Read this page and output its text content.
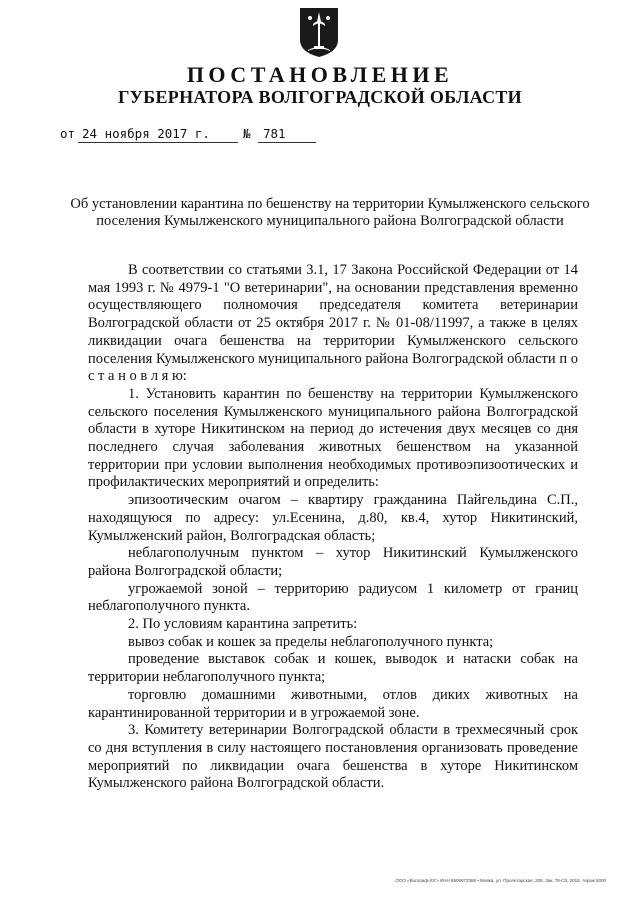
ПОСТАНОВЛЕНИЕ
ГУБЕРНАТОРА ВОЛГОГРАДСКОЙ ОБЛАСТИ
от 24 ноября 2017 г.	№ 781
Об установлении карантина по бешенству на территории Кумылженского сельского поселения Кумылженского муниципального района Волгоградской области

В соответствии со статьями 3.1, 17 Закона Российской Федерации от 14 мая 1993 г. № 4979-1 "О ветеринарии", на основании представления временно осуществляющего полномочия председателя комитета ветеринарии Волгоградской области от 25 октября 2017 г. № 01-08/11997, а также в целях ликвидации очага бешенства на территории Кумылженского сельского поселения Кумылженского муниципального района Волгоградской области п о с т а н о в л я ю:

1. Установить карантин по бешенству на территории Кумылженского сельского поселения Кумылженского муниципального района Волгоградской области в хуторе Никитинском на период до истечения двух месяцев со дня последнего случая заболевания животных бешенством на указанной территории при условии выполнения необходимых противоэпизоотических и профилактических мероприятий и определить:

эпизоотическим очагом – квартиру гражданина Пайгельдина С.П., находящуюся по адресу: ул.Есенина, д.80, кв.4, хутор Никитинский, Кумылженский район, Волгоградская область;

неблагополучным пунктом – хутор Никитинский Кумылженского района Волгоградской области;

угрожаемой зоной – территорию радиусом 1 километр от границ неблагополучного пункта.

2. По условиям карантина запретить:

вывоз собак и кошек за пределы неблагополучного пункта;

проведение выставок собак и кошек, выводок и натаски собак на территории неблагополучного пункта;

торговлю домашними животными, отлов диких животных на карантинированной территории и в угрожаемой зоне.

3. Комитету ветеринарии Волгоградской области в трехмесячный срок со дня вступления в силу настоящего постановления организовать проведение мероприятий по ликвидации очага бешенства в хуторе Никитинском Кумылженского района Волгоградской области.

ООО «Волграф-ЮГ» ИНН 8606972368 • Мойка, ул. Пролетарская, 208. Зак. 78-Сб, 2015, тираж 5000
